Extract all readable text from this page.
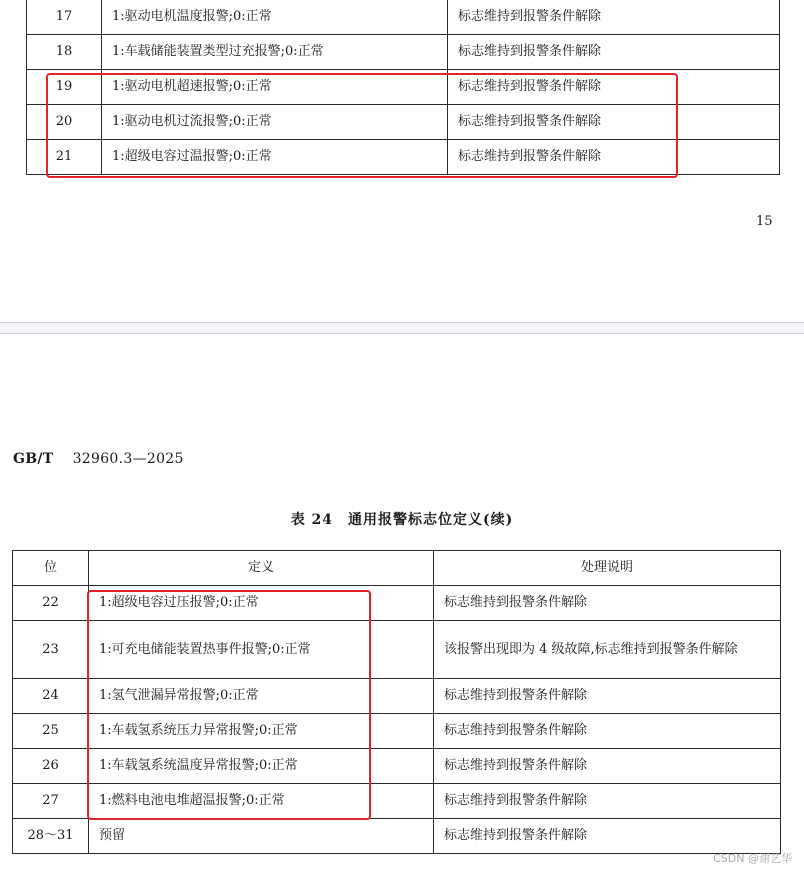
17	1:驱动电机温度报警;0:正常	标志维持到报警条件解除
18	1:车载储能装置类型过充报警;0:正常	标志维持到报警条件解除
19	1:驱动电机超速报警;0:正常	标志维持到报警条件解除
20	1:驱动电机过流报警;0:正常	标志维持到报警条件解除
21	1:超级电容过温报警;0:正常	标志维持到报警条件解除
15
GB/T 32960.3—2025
表 24　通用报警标志位定义(续)
位	定义	处理说明
22	1:超级电容过压报警;0:正常	标志维持到报警条件解除
23	1:可充电储能装置热事件报警;0:正常	该报警出现即为 4 级故障,标志维持到报警条件解除
24	1:氢气泄漏异常报警;0:正常	标志维持到报警条件解除
25	1:车载氢系统压力异常报警;0:正常	标志维持到报警条件解除
26	1:车载氢系统温度异常报警;0:正常	标志维持到报警条件解除
27	1:燃料电池电堆超温报警;0:正常	标志维持到报警条件解除
28～31	预留	标志维持到报警条件解除
CSDN @谢艺华
